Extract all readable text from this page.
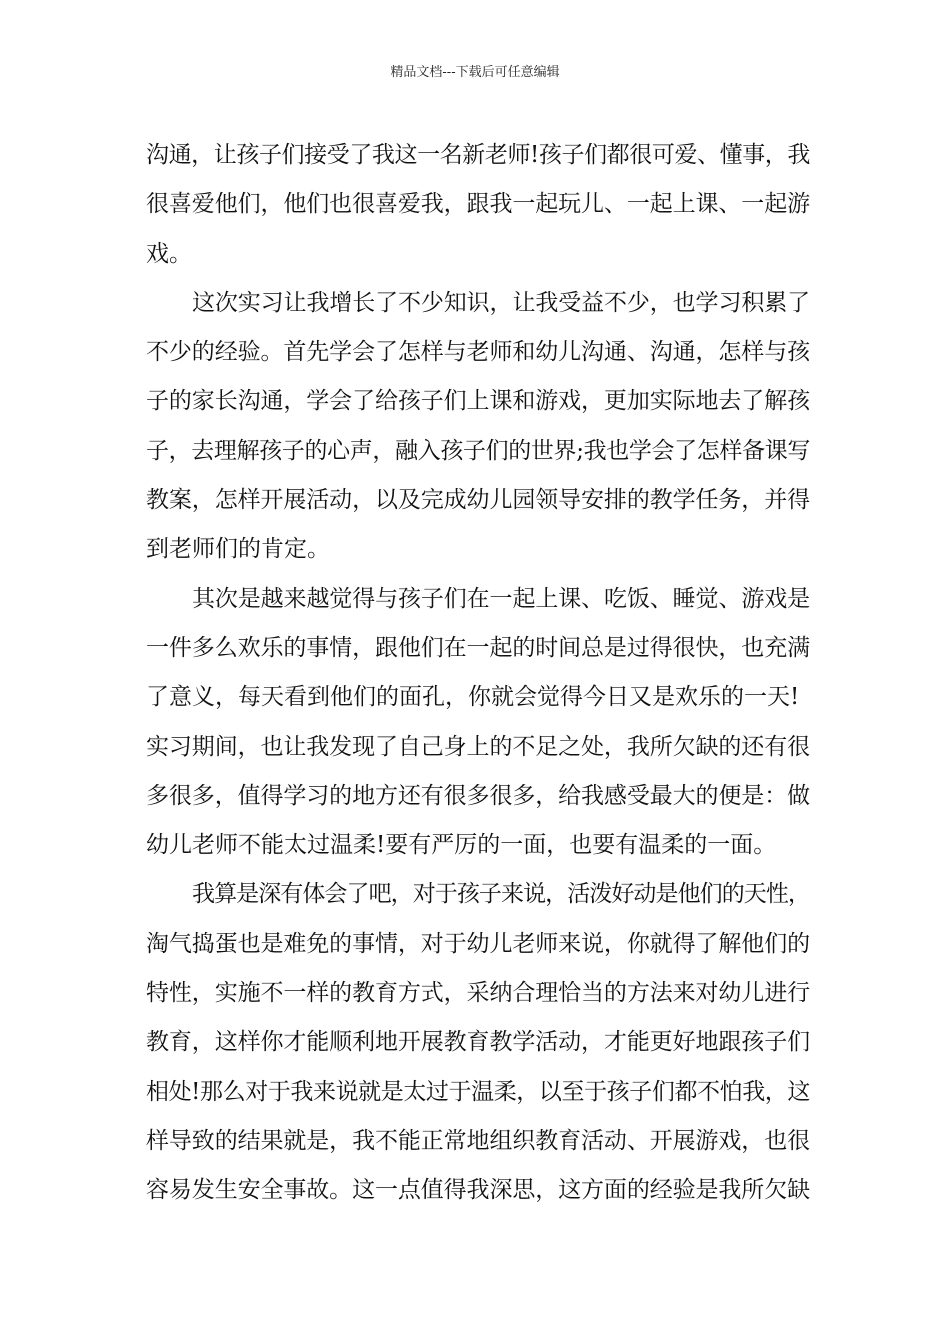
精品文档---下载后可任意编辑
沟通，让孩子们接受了我这一名新老师!孩子们都很可爱、懂事，我
很喜爱他们，他们也很喜爱我，跟我一起玩儿、一起上课、一起游
戏。
这次实习让我增长了不少知识，让我受益不少，也学习积累了
不少的经验。首先学会了怎样与老师和幼儿沟通、沟通，怎样与孩
子的家长沟通，学会了给孩子们上课和游戏，更加实际地去了解孩
子，去理解孩子的心声，融入孩子们的世界;我也学会了怎样备课写
教案，怎样开展活动，以及完成幼儿园领导安排的教学任务，并得
到老师们的肯定。
其次是越来越觉得与孩子们在一起上课、吃饭、睡觉、游戏是
一件多么欢乐的事情，跟他们在一起的时间总是过得很快，也充满
了意义，每天看到他们的面孔，你就会觉得今日又是欢乐的一天!
实习期间，也让我发现了自己身上的不足之处，我所欠缺的还有很
多很多，值得学习的地方还有很多很多，给我感受最大的便是：做
幼儿老师不能太过温柔!要有严厉的一面，也要有温柔的一面。
我算是深有体会了吧，对于孩子来说，活泼好动是他们的天性，
淘气捣蛋也是难免的事情，对于幼儿老师来说，你就得了解他们的
特性，实施不一样的教育方式，采纳合理恰当的方法来对幼儿进行
教育，这样你才能顺利地开展教育教学活动，才能更好地跟孩子们
相处!那么对于我来说就是太过于温柔，以至于孩子们都不怕我，这
样导致的结果就是，我不能正常地组织教育活动、开展游戏，也很
容易发生安全事故。这一点值得我深思，这方面的经验是我所欠缺
